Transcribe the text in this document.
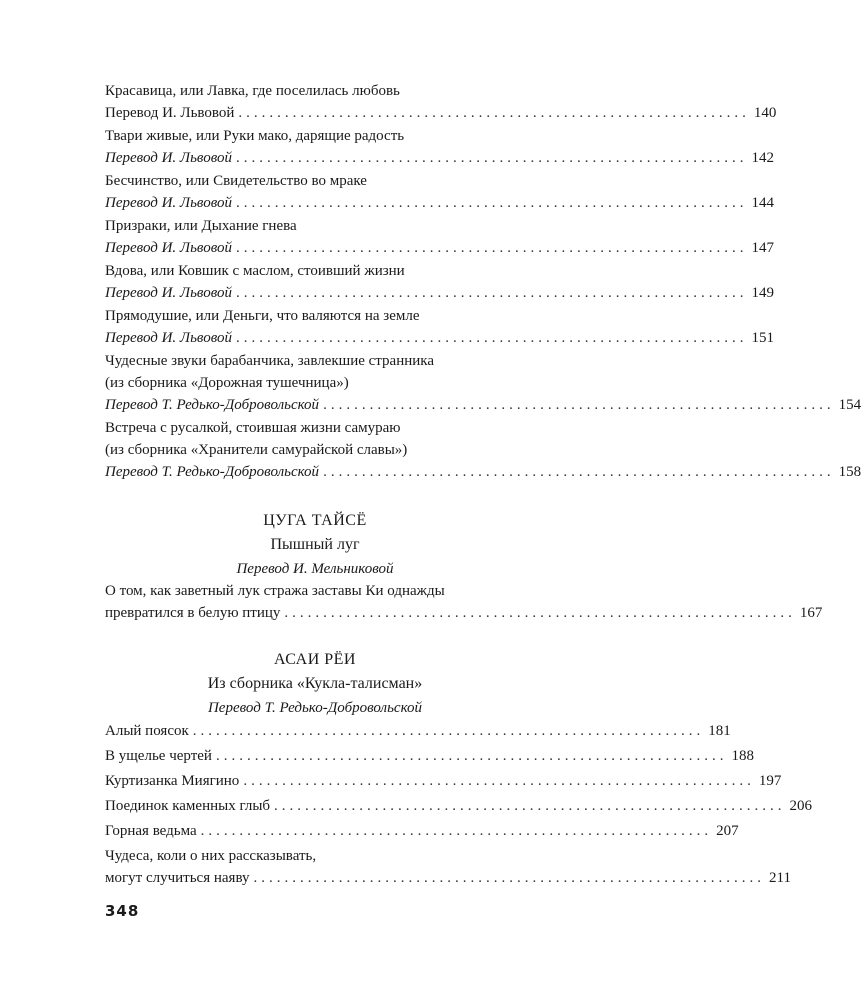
Красавица, или Лавка, где поселилась любовь
Перевод И. Львовой .................................................................. 140
Твари живые, или Руки мако, дарящие радость
Перевод И. Львовой .................................................................. 142
Бесчинство, или Свидетельство во мраке
Перевод И. Львовой .................................................................. 144
Призраки, или Дыхание гнева
Перевод И. Львовой .................................................................. 147
Вдова, или Ковшик с маслом, стоивший жизни
Перевод И. Львовой .................................................................. 149
Прямодушие, или Деньги, что валяются на земле
Перевод И. Львовой .................................................................. 151
Чудесные звуки барабанчика, завлекшие странника
(из сборника «Дорожная тушечница»)
Перевод Т. Редько-Добровольской .................................................................. 154
Встреча с русалкой, стоившая жизни самураю
(из сборника «Хранители самурайской славы»)
Перевод Т. Редько-Добровольской .................................................................. 158
ЦУГА ТАЙСЁ
Пышный луг
Перевод И. Мельниковой
О том, как заветный лук стража заставы Ки однажды
превратился в белую птицу .................................................................. 167
АСАИ РЁИ
Из сборника «Кукла-талисман»
Перевод Т. Редько-Добровольской
Алый поясок .................................................................. 181
В ущелье чертей .................................................................. 188
Куртизанка Миягино .................................................................. 197
Поединок каменных глыб .................................................................. 206
Горная ведьма .................................................................. 207
Чудеса, коли о них рассказывать,
могут случиться наяву .................................................................. 211
348
